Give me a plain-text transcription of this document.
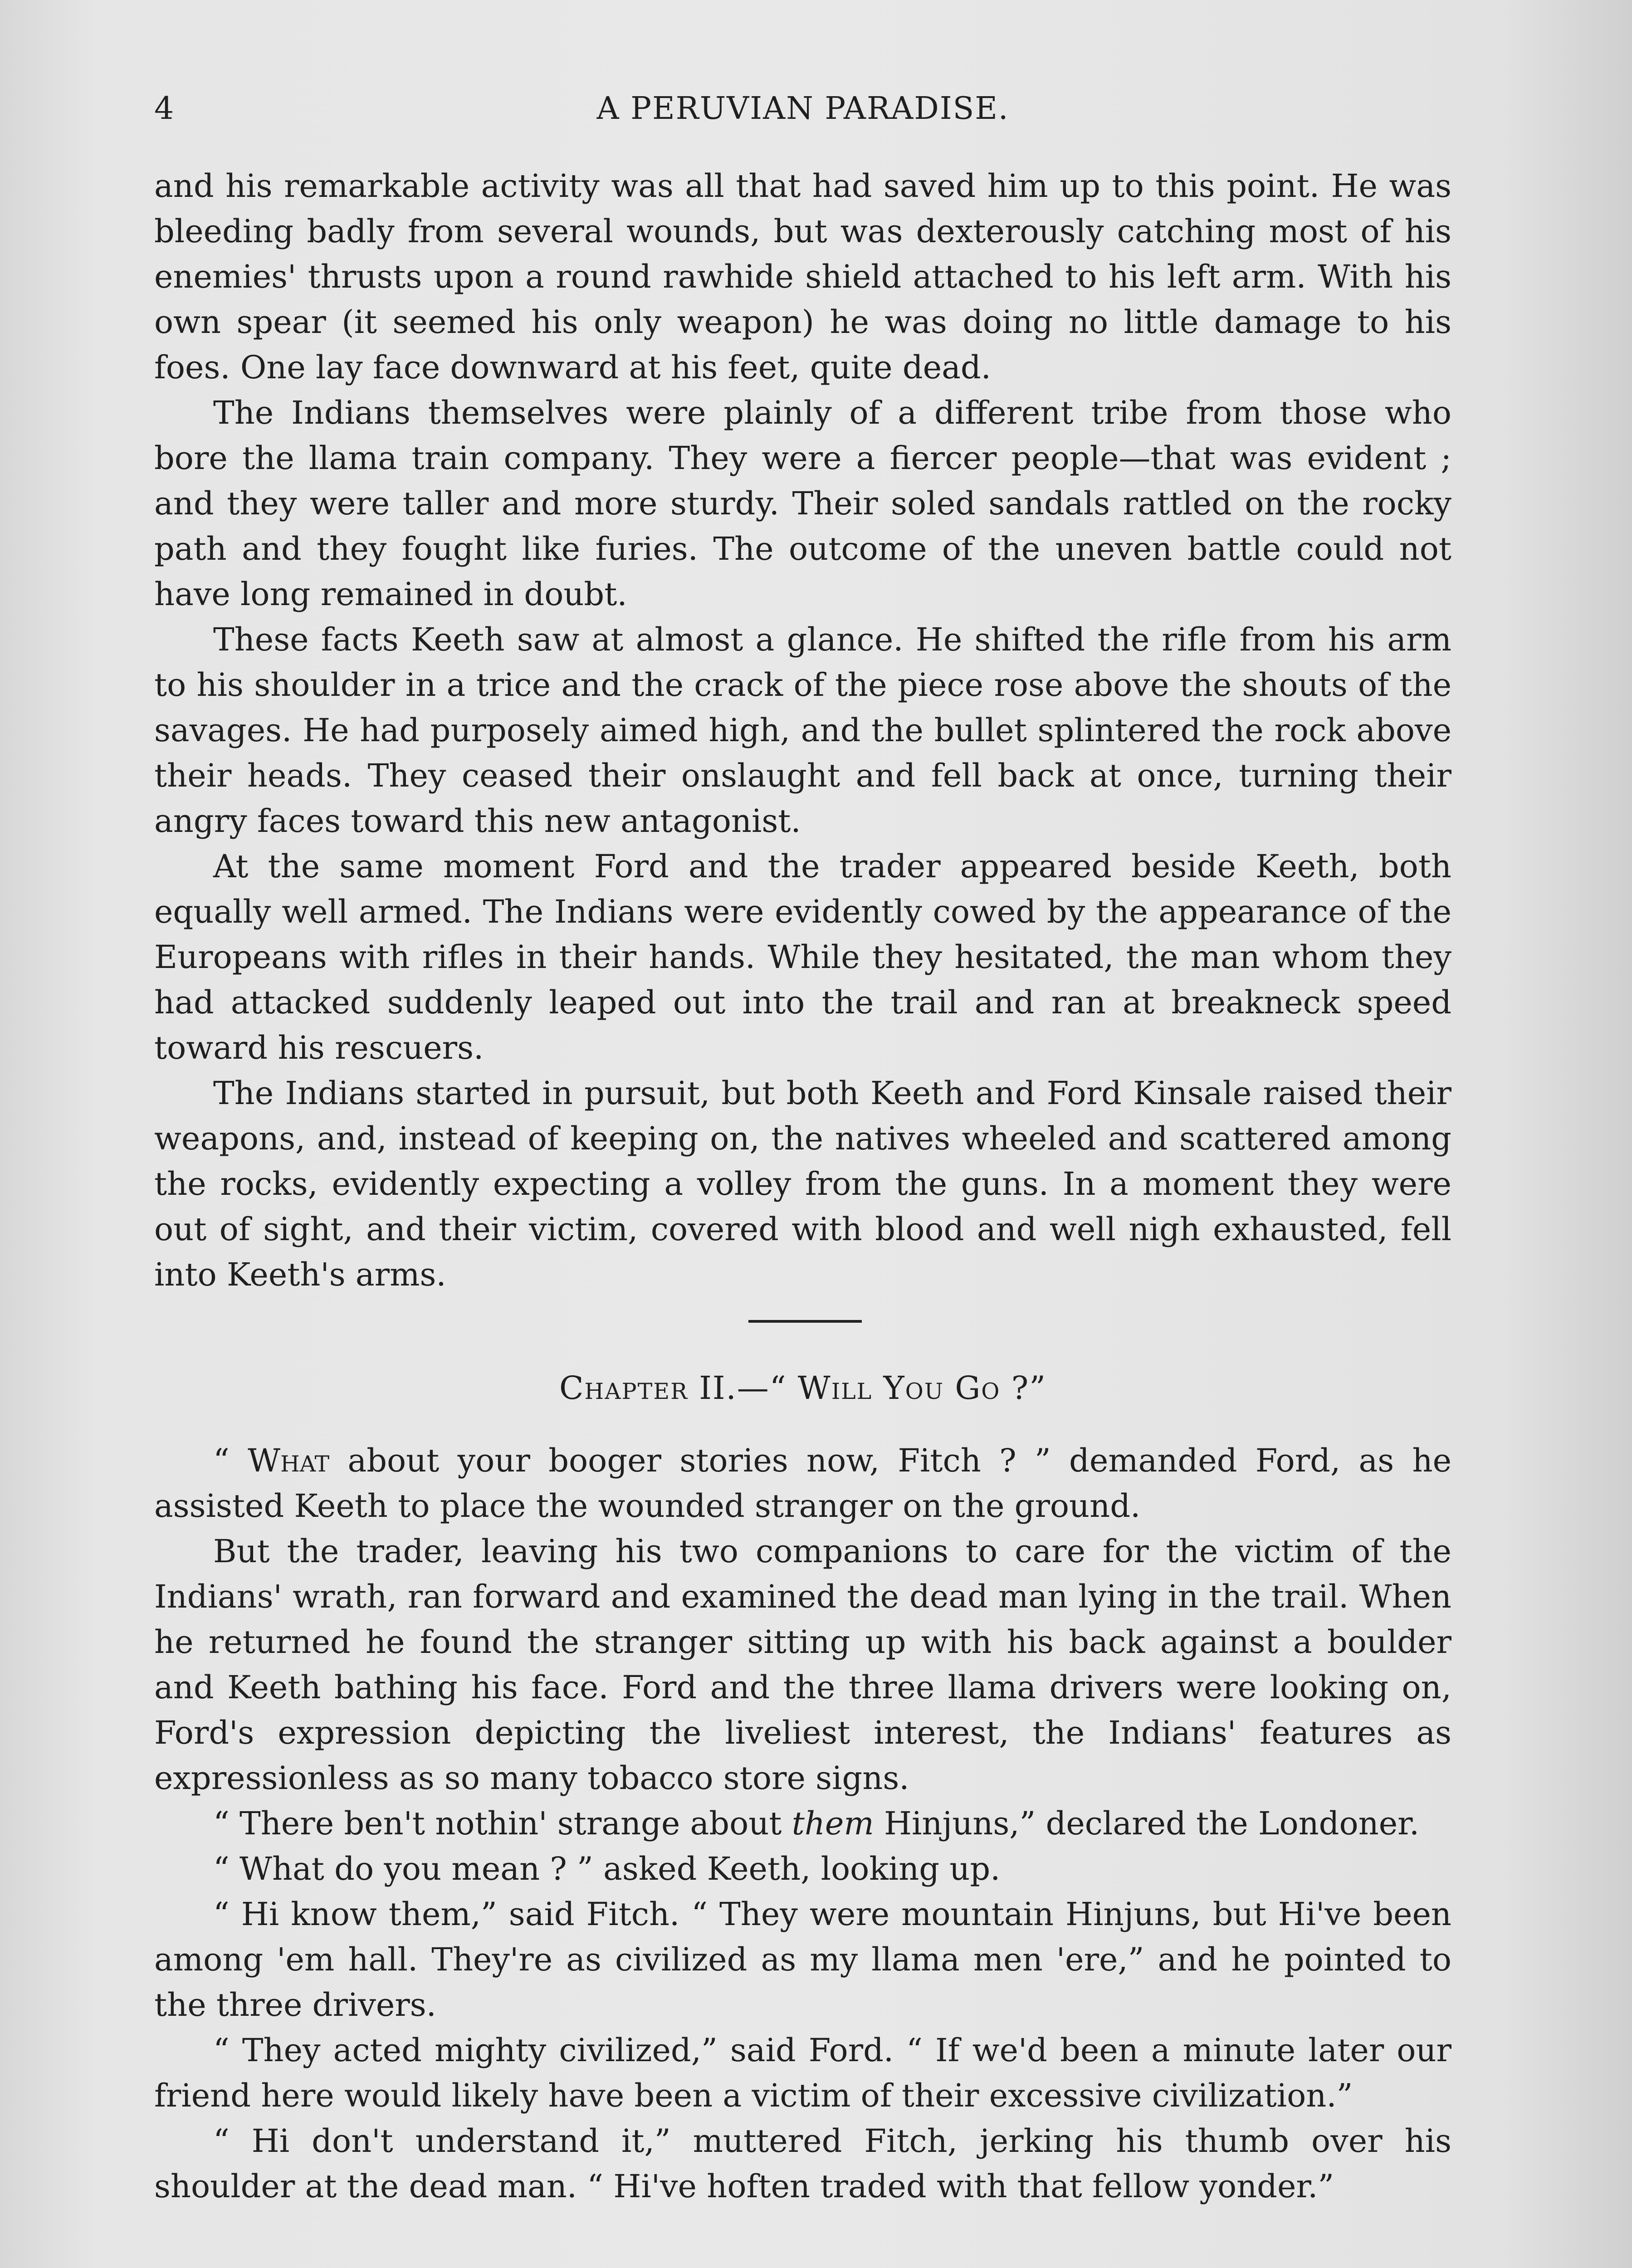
4	A PERUVIAN PARADISE.

and his remarkable activity was all that had saved him up to this point. He was bleeding badly from several wounds, but was dexterously catching most of his enemies' thrusts upon a round rawhide shield attached to his left arm. With his own spear (it seemed his only weapon) he was doing no little damage to his foes. One lay face downward at his feet, quite dead.

The Indians themselves were plainly of a different tribe from those who bore the llama train company. They were a fiercer people—that was evident ; and they were taller and more sturdy. Their soled sandals rattled on the rocky path and they fought like furies. The outcome of the uneven battle could not have long remained in doubt.

These facts Keeth saw at almost a glance. He shifted the rifle from his arm to his shoulder in a trice and the crack of the piece rose above the shouts of the savages. He had purposely aimed high, and the bullet splintered the rock above their heads. They ceased their onslaught and fell back at once, turning their angry faces toward this new antagonist.

At the same moment Ford and the trader appeared beside Keeth, both equally well armed. The Indians were evidently cowed by the appearance of the Europeans with rifles in their hands. While they hesitated, the man whom they had attacked suddenly leaped out into the trail and ran at breakneck speed toward his rescuers.

The Indians started in pursuit, but both Keeth and Ford Kinsale raised their weapons, and, instead of keeping on, the natives wheeled and scattered among the rocks, evidently expecting a volley from the guns. In a moment they were out of sight, and their victim, covered with blood and well nigh exhausted, fell into Keeth's arms.

Chapter II.—“ Will You Go ?”

“ What about your booger stories now, Fitch ? ” demanded Ford, as he assisted Keeth to place the wounded stranger on the ground.

But the trader, leaving his two companions to care for the victim of the Indians' wrath, ran forward and examined the dead man lying in the trail. When he returned he found the stranger sitting up with his back against a boulder and Keeth bathing his face. Ford and the three llama drivers were looking on, Ford's expression depicting the liveliest interest, the Indians' features as expressionless as so many tobacco store signs.

“ There ben't nothin' strange about them Hinjuns,” declared the Londoner.

“ What do you mean ? ” asked Keeth, looking up.

“ Hi know them,” said Fitch. “ They were mountain Hinjuns, but Hi've been among 'em hall. They're as civilized as my llama men 'ere,” and he pointed to the three drivers.

“ They acted mighty civilized,” said Ford. “ If we'd been a minute later our friend here would likely have been a victim of their excessive civilization.”

“ Hi don't understand it,” muttered Fitch, jerking his thumb over his shoulder at the dead man. “ Hi've hoften traded with that fellow yonder.”
